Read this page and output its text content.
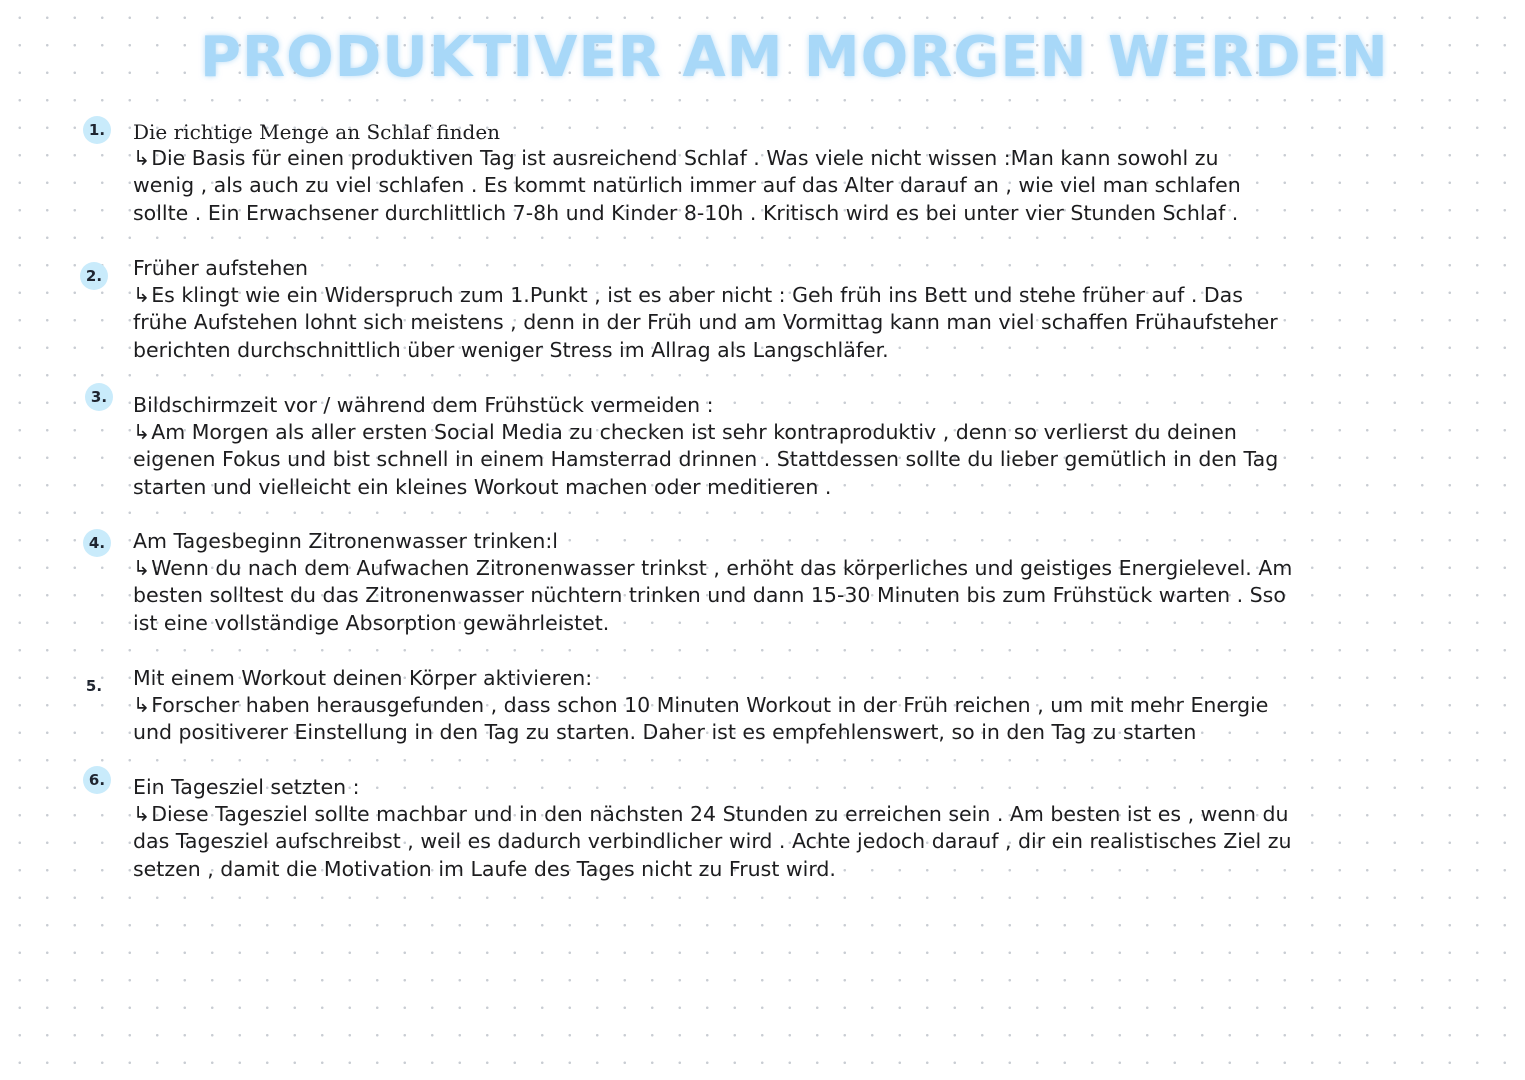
PRODUKTIVER AM MORGEN WERDEN
1. Die richtige Menge an Schlaf finden
↳Die Basis für einen produktiven Tag ist ausreichend Schlaf . Was viele nicht wissen :Man kann sowohl zu
wenig , als auch zu viel schlafen . Es kommt natürlich immer auf das Alter darauf an , wie viel man schlafen
sollte . Ein Erwachsener durchlittlich 7-8h und Kinder 8-10h . Kritisch wird es bei unter vier Stunden Schlaf .
2. Früher aufstehen
↳Es klingt wie ein Widerspruch zum 1.Punkt , ist es aber nicht : Geh früh ins Bett und stehe früher auf . Das
frühe Aufstehen lohnt sich meistens , denn in der Früh und am Vormittag kann man viel schaffen Frühaufsteher
berichten durchschnittlich über weniger Stress im Allrag als Langschläfer.
3. Bildschirmzeit vor / während dem Frühstück vermeiden :
↳Am Morgen als aller ersten Social Media zu checken ist sehr kontraproduktiv , denn so verlierst du deinen
eigenen Fokus und bist schnell in einem Hamsterrad drinnen . Stattdessen sollte du lieber gemütlich in den Tag
starten und vielleicht ein kleines Workout machen oder meditieren .
4. Am Tagesbeginn Zitronenwasser trinken:l
↳Wenn du nach dem Aufwachen Zitronenwasser trinkst , erhöht das körperliches und geistiges Energielevel. Am
besten solltest du das Zitronenwasser nüchtern trinken und dann 15-30 Minuten bis zum Frühstück warten . Sso
ist eine vollständige Absorption gewährleistet.
5. Mit einem Workout deinen Körper aktivieren:
↳Forscher haben herausgefunden , dass schon 10 Minuten Workout in der Früh reichen , um mit mehr Energie
und positiverer Einstellung in den Tag zu starten. Daher ist es empfehlenswert, so in den Tag zu starten
6. Ein Tagesziel setzten :
↳Diese Tagesziel sollte machbar und in den nächsten 24 Stunden zu erreichen sein . Am besten ist es , wenn du
das Tagesziel aufschreibst , weil es dadurch verbindlicher wird . Achte jedoch darauf , dir ein realistisches Ziel zu
setzen , damit die Motivation im Laufe des Tages nicht zu Frust wird.
